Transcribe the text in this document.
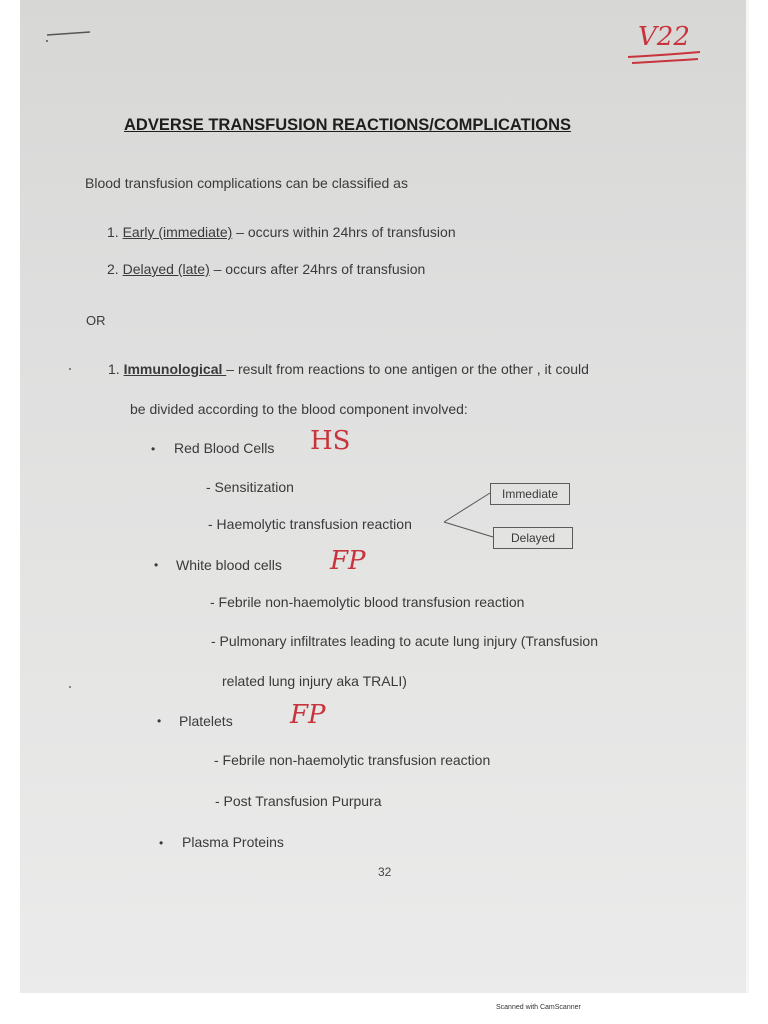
ADVERSE TRANSFUSION REACTIONS/COMPLICATIONS
Blood transfusion complications can be classified as
1. Early (immediate) – occurs within 24hrs of transfusion
2. Delayed (late) – occurs after 24hrs of transfusion
OR
1. Immunological – result from reactions to one antigen or the other , it could
be divided according to the blood component involved:
• Red Blood Cells
- Sensitization
- Haemolytic transfusion reaction
Immediate
Delayed
• White blood cells
- Febrile non-haemolytic blood transfusion reaction
- Pulmonary infiltrates leading to acute lung injury (Transfusion
related lung injury aka TRALI)
• Platelets
- Febrile non-haemolytic transfusion reaction
- Post Transfusion Purpura
• Plasma Proteins
32
V22
HS
FP
FP
Scanned with CamScanner
